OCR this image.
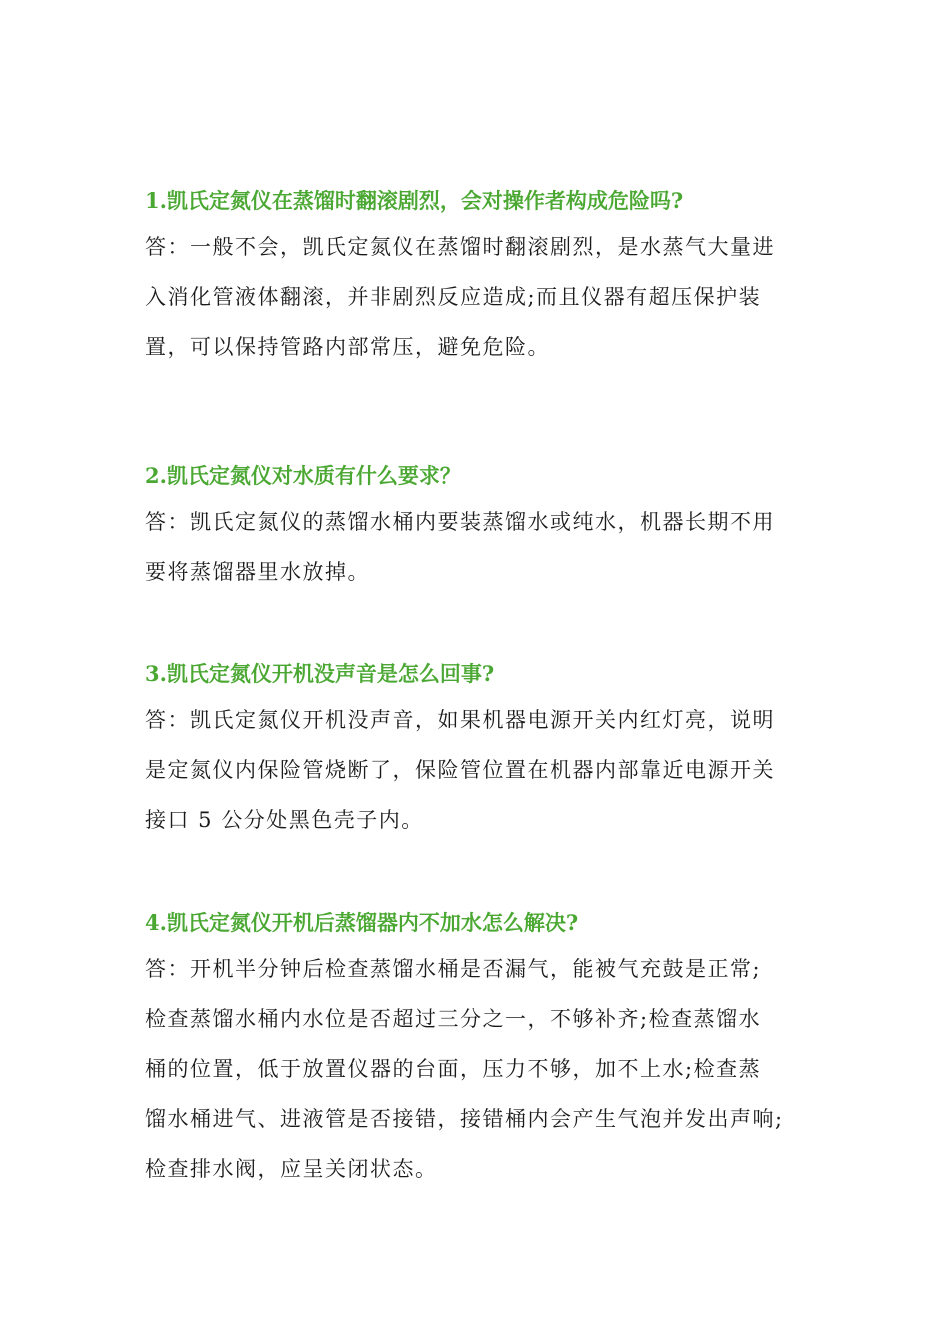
1.凯氏定氮仪在蒸馏时翻滚剧烈，会对操作者构成危险吗?

答：一般不会，凯氏定氮仪在蒸馏时翻滚剧烈，是水蒸气大量进
入消化管液体翻滚，并非剧烈反应造成;而且仪器有超压保护装
置，可以保持管路内部常压，避免危险。

2.凯氏定氮仪对水质有什么要求？

答：凯氏定氮仪的蒸馏水桶内要装蒸馏水或纯水，机器长期不用
要将蒸馏器里水放掉。

3.凯氏定氮仪开机没声音是怎么回事?

答：凯氏定氮仪开机没声音，如果机器电源开关内红灯亮，说明
是定氮仪内保险管烧断了，保险管位置在机器内部靠近电源开关
接口 5 公分处黑色壳子内。

4.凯氏定氮仪开机后蒸馏器内不加水怎么解决?

答：开机半分钟后检查蒸馏水桶是否漏气，能被气充鼓是正常;
检查蒸馏水桶内水位是否超过三分之一，不够补齐;检查蒸馏水
桶的位置，低于放置仪器的台面，压力不够，加不上水;检查蒸
馏水桶进气、进液管是否接错，接错桶内会产生气泡并发出声响;
检查排水阀，应呈关闭状态。
